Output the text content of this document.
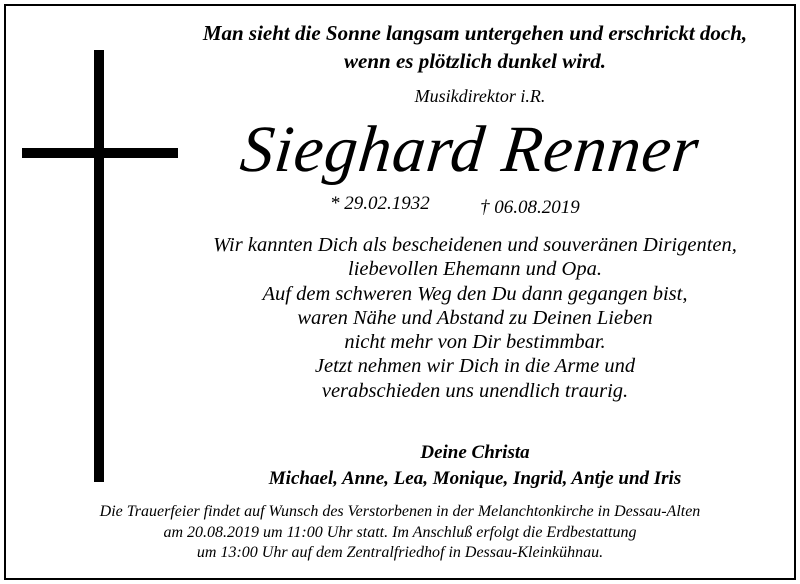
Man sieht die Sonne langsam untergehen und erschrickt doch,
wenn es plötzlich dunkel wird.
Musikdirektor i.R.
Sieghard Renner
* 29.02.1932	† 06.08.2019
Wir kannten Dich als bescheidenen und souveränen Dirigenten,
liebevollen Ehemann und Opa.
Auf dem schweren Weg den Du dann gegangen bist,
waren Nähe und Abstand zu Deinen Lieben
nicht mehr von Dir bestimmbar.
Jetzt nehmen wir Dich in die Arme und
verabschieden uns unendlich traurig.
Deine Christa
Michael, Anne, Lea, Monique, Ingrid, Antje und Iris
Die Trauerfeier findet auf Wunsch des Verstorbenen in der Melanchtonkirche in Dessau-Alten
am 20.08.2019 um 11:00 Uhr statt. Im Anschluß erfolgt die Erdbestattung
um 13:00 Uhr auf dem Zentralfriedhof in Dessau-Kleinkühnau.
